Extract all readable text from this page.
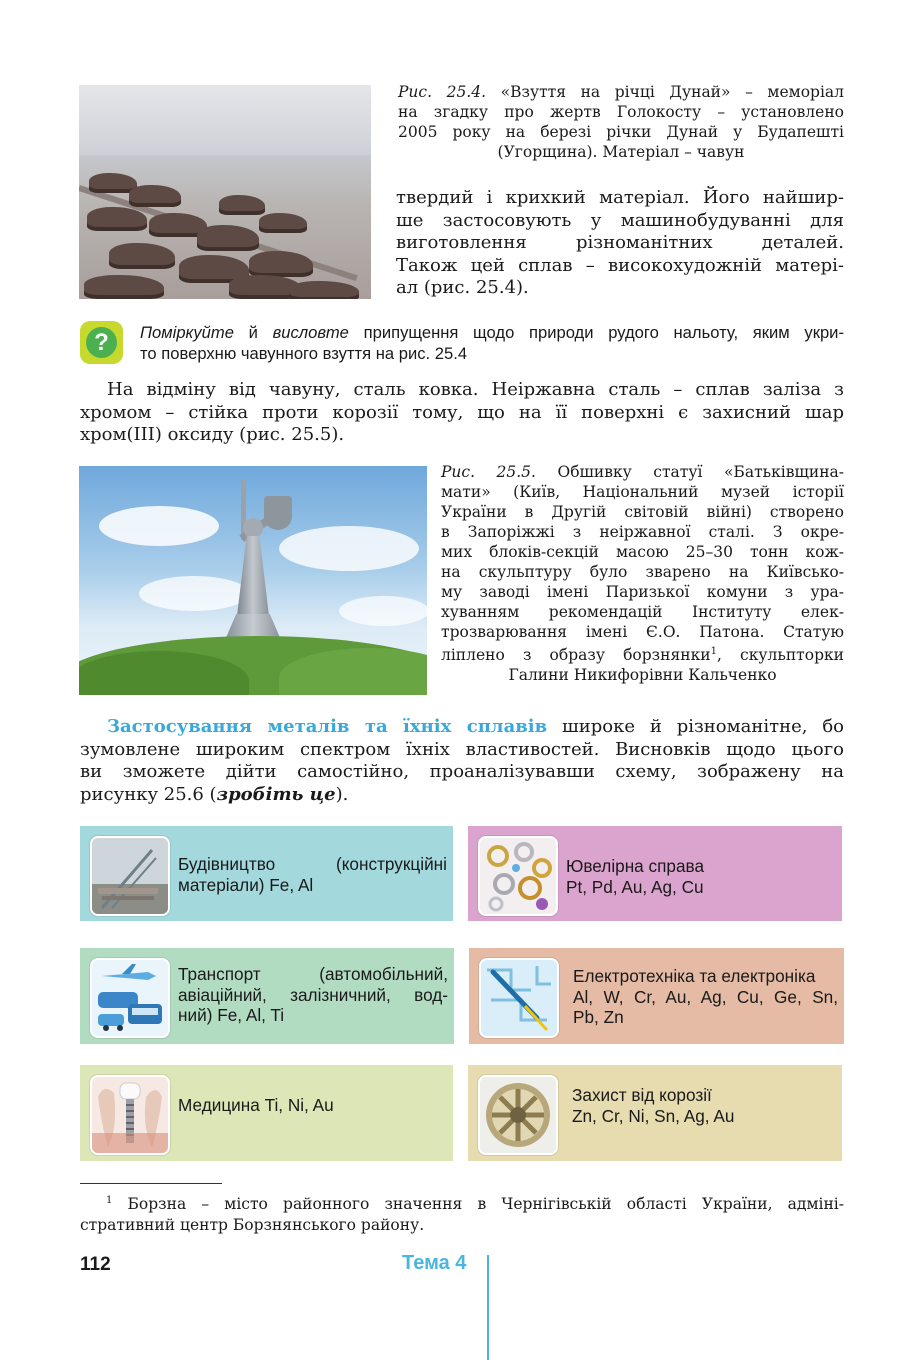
Рис. 25.4. «Взуття на річці Дунай» – меморіал
на згадку про жертв Голокосту – установлено
2005 року на березі річки Дунай у Будапешті
(Угорщина). Матеріал – чавун
твердий і крихкий матеріал. Його найшир-
ше застосовують у машинобудуванні для
виготовлення різноманітних деталей.
Також цей сплав – високохудожній матері-
ал (рис. 25.4).
?	Поміркуйте й висловте припущення щодо природи рудого нальоту, яким укри-
то поверхню чавунного взуття на рис. 25.4
На відміну від чавуну, сталь ковка. Неіржавна сталь – сплав заліза з
хромом – стійка проти корозії тому, що на її поверхні є захисний шар
хром(III) оксиду (рис. 25.5).
Рис. 25.5. Обшивку статуї «Батьківщина-
мати» (Київ, Національний музей історії
України в Другій світовій війні) створено
в Запоріжжі з неіржавної сталі. З окре-
мих блоків-секцій масою 25–30 тонн кож-
на скульптуру було зварено на Київсько-
му заводі імені Паризької комуни з ура-
хуванням рекомендацій Інституту елек-
трозварювання імені Є.О. Патона. Статую
ліплено з образу борзнянки$^1$, скульпторки
Галини Никифорівни Кальченко
Застосування металів та їхніх сплавів широке й різноманітне, бо
зумовлене широким спектром їхніх властивостей. Висновків щодо цього
ви зможете дійти самостійно, проаналізувавши схему, зображену на
рисунку 25.6 (зробіть це).
Будівництво (конструкційні
матеріали) Fe, Al
Ювелірна справа
Pt, Pd, Au, Ag, Cu
Транспорт (автомобільний,
авіаційний, залізничний, вод-
ний) Fe, Al, Ti
Електротехніка та електроніка
Al, W, Cr, Au, Ag, Cu, Ge, Sn,
Pb, Zn
Медицина Ti, Ni, Au	Захист від корозії
Zn, Cr, Ni, Sn, Ag, Au
$^1$ Борзна – місто районного значення в Чернігівській області України, адміні-
стративний центр Борзнянського району.
112	Тема 4
